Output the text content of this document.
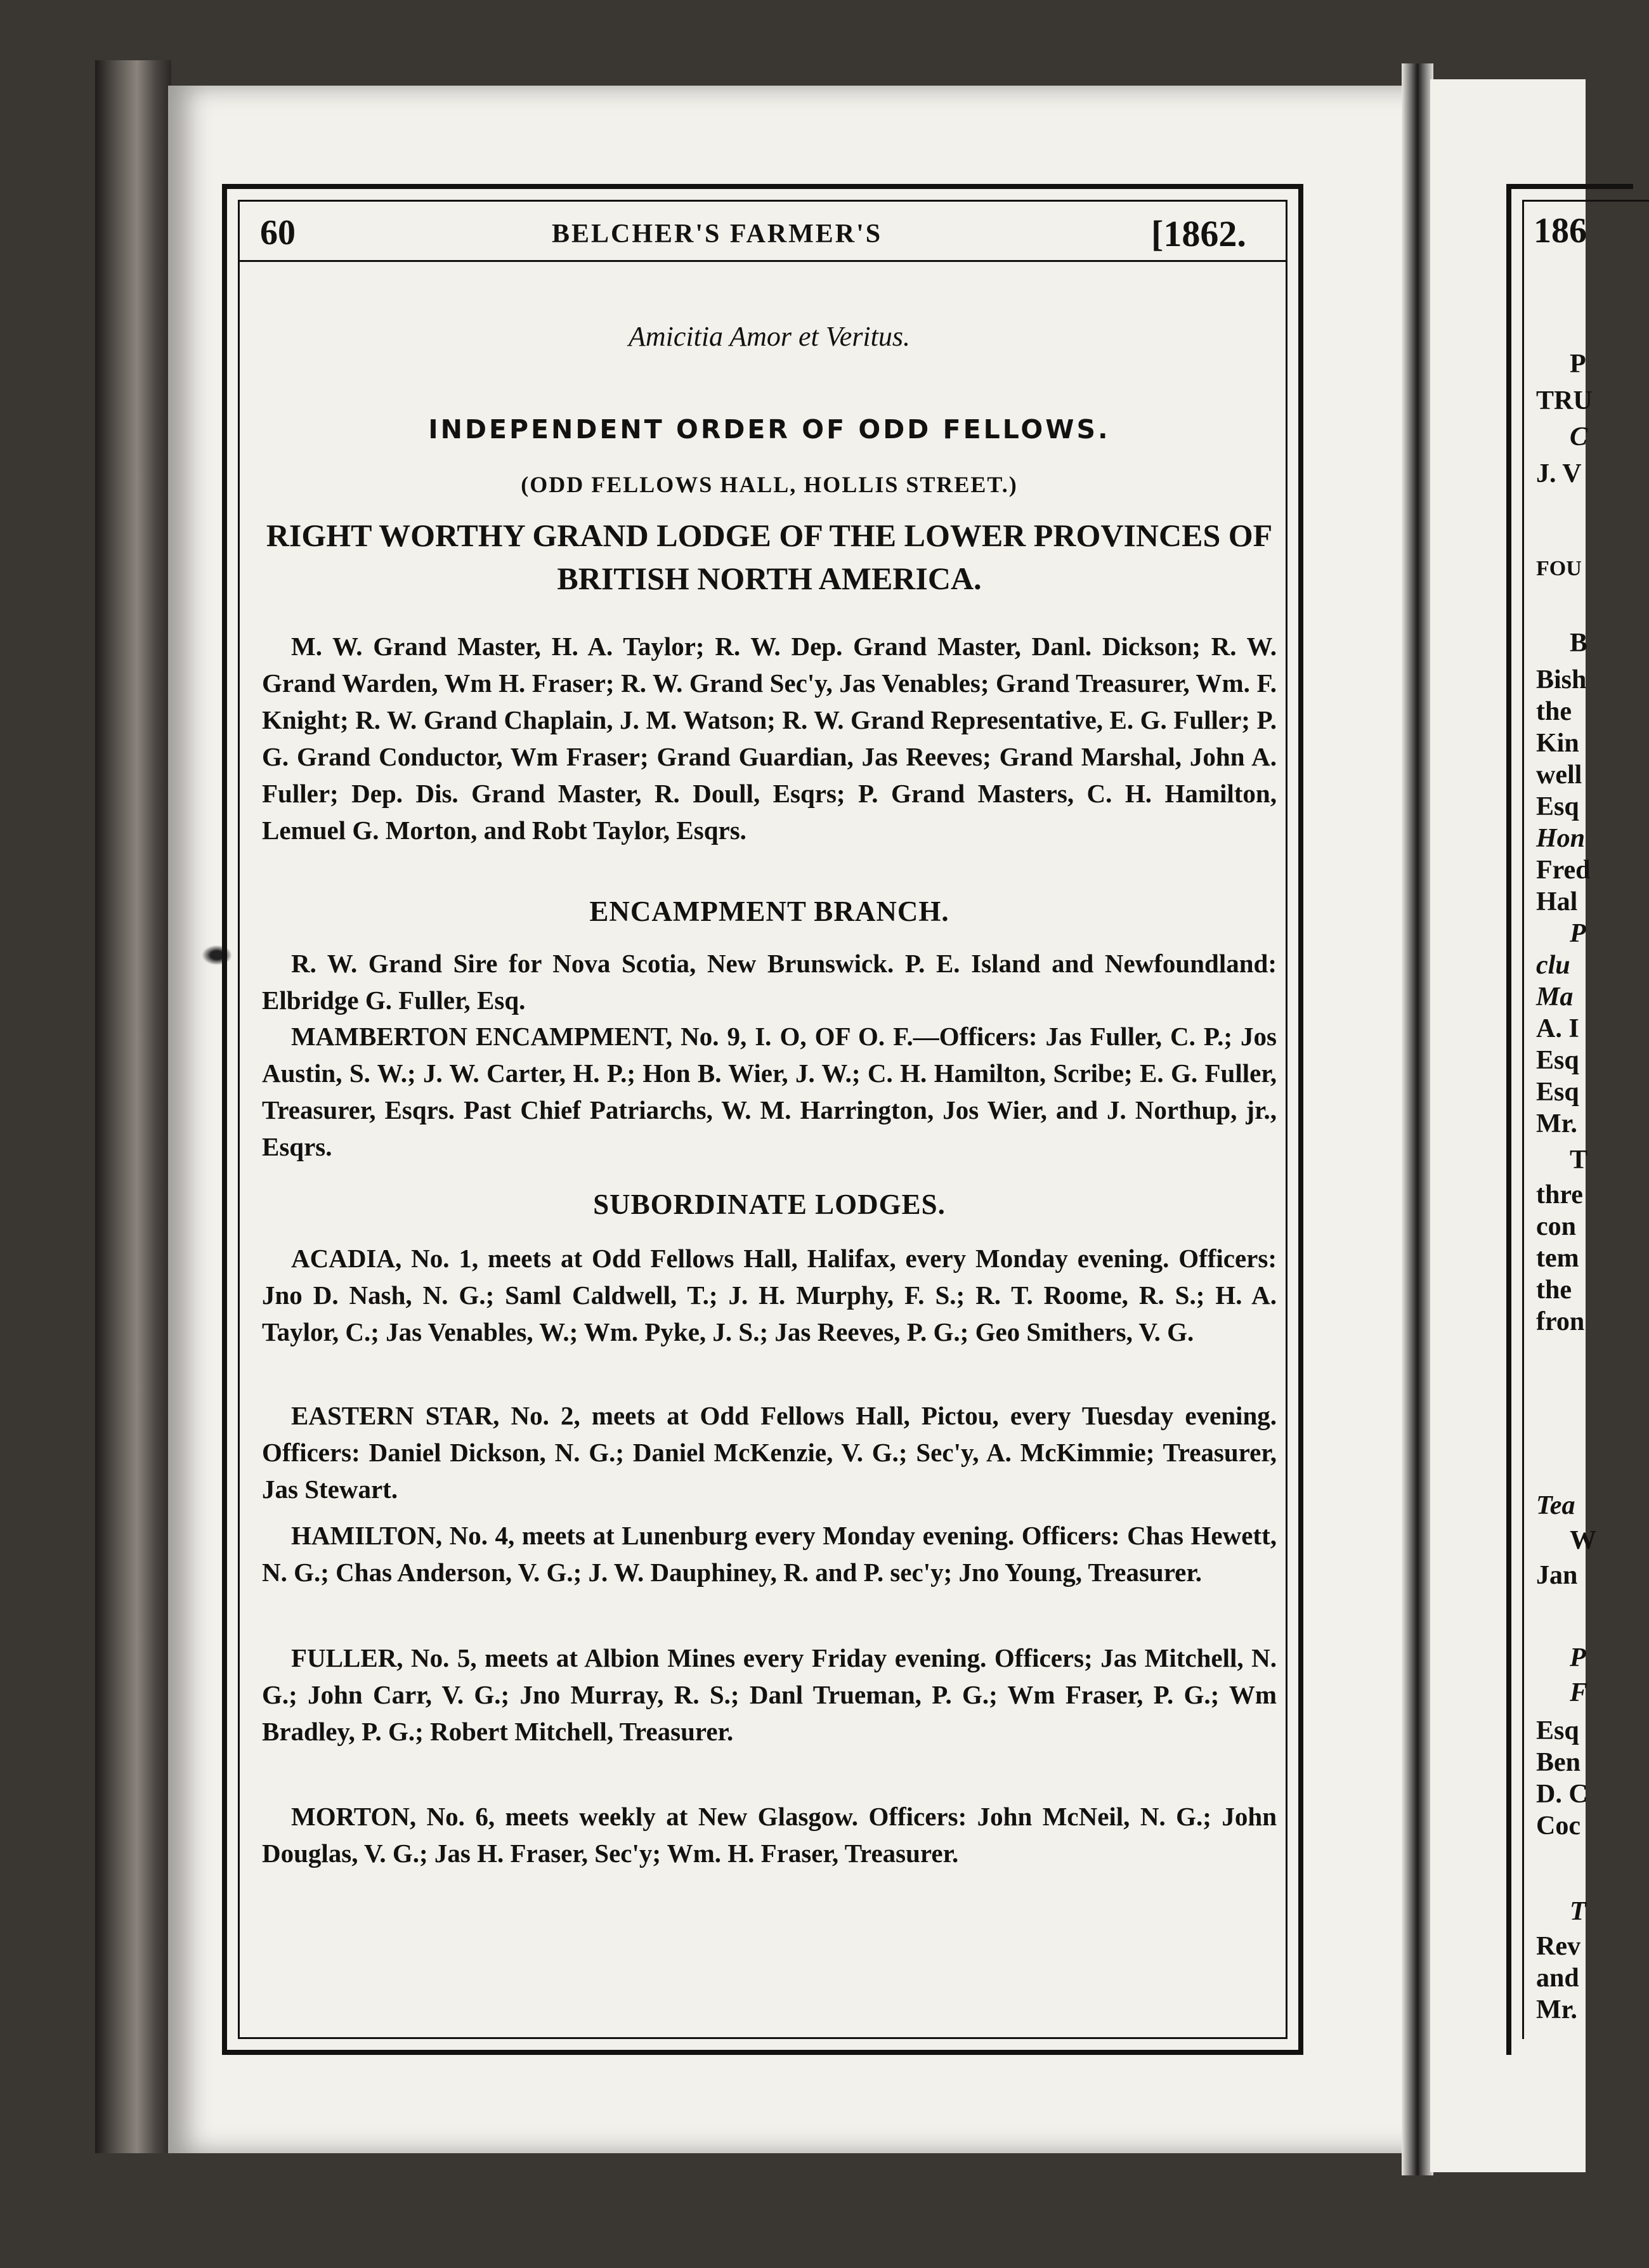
60	BELCHER'S FARMER'S	[1862.
Amicitia Amor et Veritus.
INDEPENDENT ORDER OF ODD FELLOWS.
(ODD FELLOWS HALL, HOLLIS STREET.)
RIGHT WORTHY GRAND LODGE OF THE LOWER PROVINCES OF BRITISH NORTH AMERICA.

M. W. Grand Master, H. A. Taylor; R. W. Dep. Grand Master, Danl. Dickson; R. W. Grand Warden, Wm H. Fraser; R. W. Grand Sec'y, Jas Venables; Grand Treasurer, Wm. F. Knight; R. W. Grand Chaplain, J. M. Watson; R. W. Grand Representative, E. G. Fuller; P. G. Grand Conductor, Wm Fraser; Grand Guardian, Jas Reeves; Grand Marshal, John A. Fuller; Dep. Dis. Grand Master, R. Doull, Esqrs; P. Grand Masters, C. H. Hamilton, Lemuel G. Morton, and Robt Taylor, Esqrs.

ENCAMPMENT BRANCH.

R. W. Grand Sire for Nova Scotia, New Brunswick. P. E. Island and Newfoundland: Elbridge G. Fuller, Esq.

MAMBERTON ENCAMPMENT, No. 9, I. O, OF O. F.—Officers: Jas Fuller, C. P.; Jos Austin, S. W.; J. W. Carter, H. P.; Hon B. Wier, J. W.; C. H. Hamilton, Scribe; E. G. Fuller, Treasurer, Esqrs. Past Chief Patriarchs, W. M. Harrington, Jos Wier, and J. Northup, jr., Esqrs.

SUBORDINATE LODGES.

ACADIA, No. 1, meets at Odd Fellows Hall, Halifax, every Monday evening. Officers: Jno D. Nash, N. G.; Saml Caldwell, T.; J. H. Murphy, F. S.; R. T. Roome, R. S.; H. A. Taylor, C.; Jas Venables, W.; Wm. Pyke, J. S.; Jas Reeves, P. G.; Geo Smithers, V. G.

EASTERN STAR, No. 2, meets at Odd Fellows Hall, Pictou, every Tuesday evening. Officers: Daniel Dickson, N. G.; Daniel McKenzie, V. G.; Sec'y, A. McKimmie; Treasurer, Jas Stewart.

HAMILTON, No. 4, meets at Lunenburg every Monday evening. Officers: Chas Hewett, N. G.; Chas Anderson, V. G.; J. W. Dauphiney, R. and P. sec'y; Jno Young, Treasurer.

FULLER, No. 5, meets at Albion Mines every Friday evening. Officers; Jas Mitchell, N. G.; John Carr, V. G.; Jno Murray, R. S.; Danl Trueman, P. G.; Wm Fraser, P. G.; Wm Bradley, P. G.; Robert Mitchell, Treasurer.

MORTON, No. 6, meets weekly at New Glasgow. Officers: John McNeil, N. G.; John Douglas, V. G.; Jas H. Fraser, Sec'y; Wm. H. Fraser, Treasurer.

186
P
TRU
C
J. V
FOU
B
Bish
the
Kin
well
Esq
Hon
Fred
Hal
P
clu
Ma
A. I
Esq
Esq
Mr.
T
thre
con
tem
the
fron
Tea
W
Jan
P
F
Esq
Ben
D. C
Coc
T
Rev
and
Mr.
